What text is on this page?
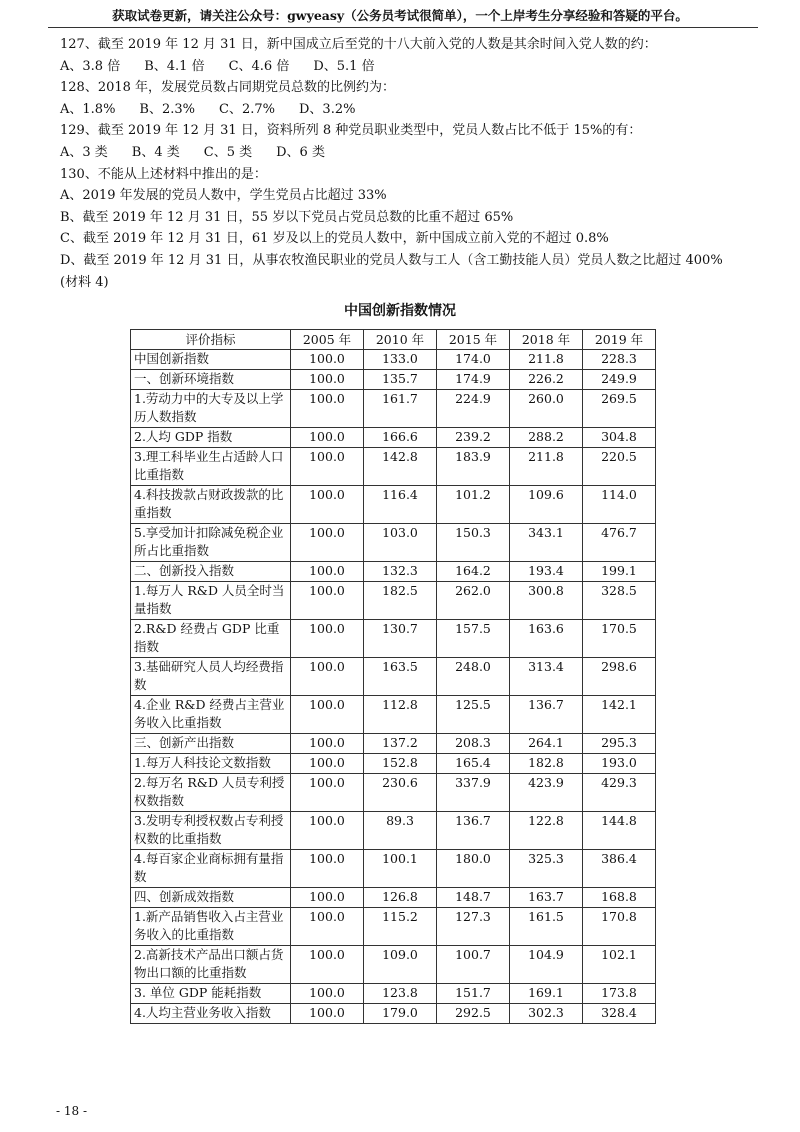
获取试卷更新，请关注公众号：gwyeasy（公务员考试很简单），一个上岸考生分享经验和答疑的平台。
127、截至 2019 年 12 月 31 日，新中国成立后至党的十八大前入党的人数是其余时间入党人数的约：
A、3.8 倍 B、4.1 倍 C、4.6 倍 D、5.1 倍
128、2018 年，发展党员数占同期党员总数的比例约为：
A、1.8% B、2.3% C、2.7% D、3.2%
129、截至 2019 年 12 月 31 日，资料所列 8 种党员职业类型中，党员人数占比不低于 15%的有：
A、3 类 B、4 类 C、5 类 D、6 类
130、不能从上述材料中推出的是：
A、2019 年发展的党员人数中，学生党员占比超过 33%
B、截至 2019 年 12 月 31 日，55 岁以下党员占党员总数的比重不超过 65%
C、截至 2019 年 12 月 31 日，61 岁及以上的党员人数中，新中国成立前入党的不超过 0.8%
D、截至 2019 年 12 月 31 日，从事农牧渔民职业的党员人数与工人（含工勤技能人员）党员人数之比超过 400%
(材料 4)
中国创新指数情况
评价指标	2005 年	2010 年	2015 年	2018 年	2019 年
中国创新指数	100.0	133.0	174.0	211.8	228.3
一、创新环境指数	100.0	135.7	174.9	226.2	249.9
1.劳动力中的大专及以上学历人数指数	100.0	161.7	224.9	260.0	269.5
2.人均 GDP 指数	100.0	166.6	239.2	288.2	304.8
3.理工科毕业生占适龄人口比重指数	100.0	142.8	183.9	211.8	220.5
4.科技拨款占财政拨款的比重指数	100.0	116.4	101.2	109.6	114.0
5.享受加计扣除减免税企业所占比重指数	100.0	103.0	150.3	343.1	476.7
二、创新投入指数	100.0	132.3	164.2	193.4	199.1
1.每万人 R&D 人员全时当量指数	100.0	182.5	262.0	300.8	328.5
2.R&D 经费占 GDP 比重指数	100.0	130.7	157.5	163.6	170.5
3.基础研究人员人均经费指数	100.0	163.5	248.0	313.4	298.6
4.企业 R&D 经费占主营业务收入比重指数	100.0	112.8	125.5	136.7	142.1
三、创新产出指数	100.0	137.2	208.3	264.1	295.3
1.每万人科技论文数指数	100.0	152.8	165.4	182.8	193.0
2.每万名 R&D 人员专利授权数指数	100.0	230.6	337.9	423.9	429.3
3.发明专利授权数占专利授权数的比重指数	100.0	89.3	136.7	122.8	144.8
4.每百家企业商标拥有量指数	100.0	100.1	180.0	325.3	386.4
四、创新成效指数	100.0	126.8	148.7	163.7	168.8
1.新产品销售收入占主营业务收入的比重指数	100.0	115.2	127.3	161.5	170.8
2.高新技术产品出口额占货物出口额的比重指数	100.0	109.0	100.7	104.9	102.1
3. 单位 GDP 能耗指数	100.0	123.8	151.7	169.1	173.8
4.人均主营业务收入指数	100.0	179.0	292.5	302.3	328.4
- 18 -
